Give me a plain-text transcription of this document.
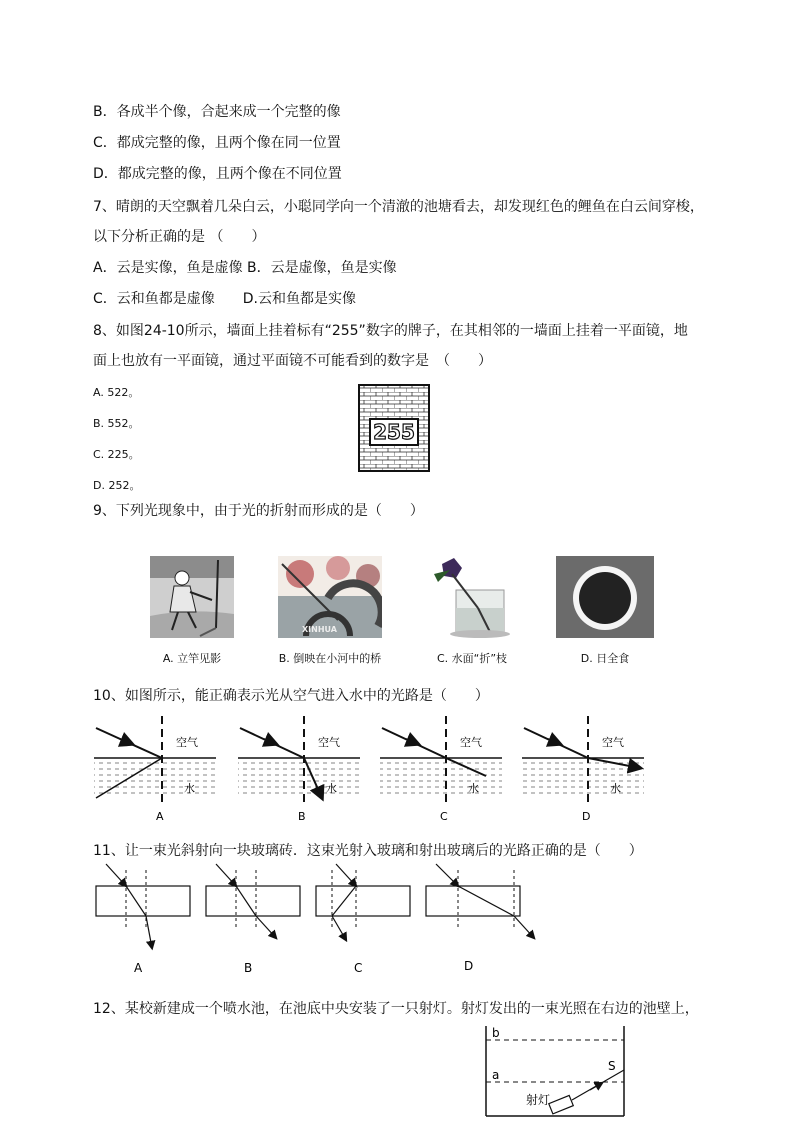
B．各成半个像，合起来成一个完整的像
C．都成完整的像，且两个像在同一位置
D．都成完整的像，且两个像在不同位置
7、晴朗的天空飘着几朵白云，小聪同学向一个清澈的池塘看去，却发现红色的鲤鱼在白云间穿梭，
以下分析正确的是 （　　）
A．云是实像，鱼是虚像 B．云是虚像，鱼是实像
C．云和鱼都是虚像　　D.云和鱼都是实像
8、如图24-10所示，墙面上挂着标有“255”数字的牌子，在其相邻的一墙面上挂着一平面镜，地
面上也放有一平面镜，通过平面镜不可能看到的数字是　（　　）
A. 522。
B. 552。
C. 225。
D. 252。
255
9、下列光现象中，由于光的折射而形成的是（　　）
A. 立竿见影
XINHUA
B. 倒映在小河中的桥	C. 水面“折”枝	D. 日全食
10、如图所示，能正确表示光从空气进入水中的光路是（　　）
空气
水
A
空气
水
B
空气
水
C
空气
水
D
11、让一束光斜射向一块玻璃砖．这束光射入玻璃和射出玻璃后的光路正确的是（　　）
A	B	C	D
12、某校新建成一个喷水池，在池底中央安装了一只射灯。射灯发出的一束光照在右边的池壁上，
b
a
S
射灯
